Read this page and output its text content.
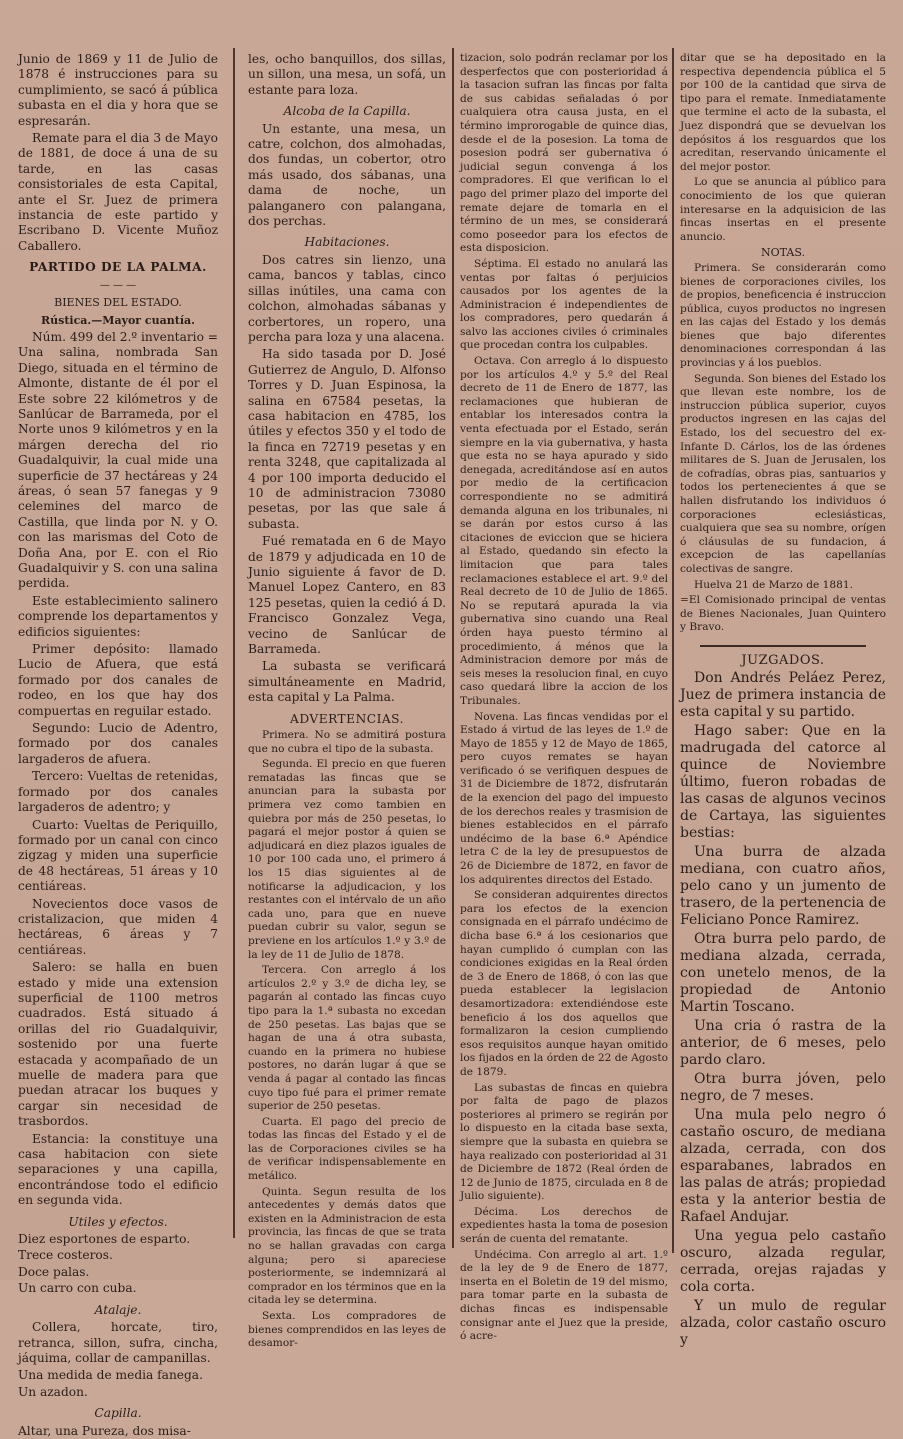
Junio de 1869 y 11 de Julio de 1878 é instrucciones para su cumplimiento, se sacó á pública subasta en el dia y hora que se espresarán.

Remate para el dia 3 de Mayo de 1881, de doce á una de su tarde, en las casas consistoriales de esta Capital, ante el Sr. Juez de primera instancia de este partido y Escribano D. Vicente Muñoz Caballero.

PARTIDO DE LA PALMA.

— — —

BIENES DEL ESTADO.

Rústica.—Mayor cuantía.

Núm. 499 del 2.º inventario = Una salina, nombrada San Diego, situada en el término de Almonte, distante de él por el Este sobre 22 kilómetros y de Sanlúcar de Barrameda, por el Norte unos 9 kilómetros y en la márgen derecha del rio Guadalquivir, la cual mide una superficie de 37 hectáreas y 24 áreas, ó sean 57 fanegas y 9 celemines del marco de Castilla, que linda por N. y O. con las marismas del Coto de Doña Ana, por E. con el Rio Guadalquivir y S. con una salina perdida.

Este establecimiento salinero comprende los departamentos y edificios siguientes:

Primer depósito: llamado Lucio de Afuera, que está formado por dos canales de rodeo, en los que hay dos compuertas en reguilar estado.

Segundo: Lucio de Adentro, formado por dos canales largaderos de afuera.

Tercero: Vueltas de retenidas, formado por dos canales largaderos de adentro; y

Cuarto: Vueltas de Periquillo, formado por un canal con cinco zigzag y miden una superficie de 48 hectáreas, 51 áreas y 10 centiáreas.

Novecientos doce vasos de cristalizacion, que miden 4 hectáreas, 6 áreas y 7 centiáreas.

Salero: se halla en buen estado y mide una extension superficial de 1100 metros cuadrados. Está situado á orillas del rio Guadalquivir, sostenido por una fuerte estacada y acompañado de un muelle de madera para que puedan atracar los buques y cargar sin necesidad de trasbordos.

Estancia: la constituye una casa habitacion con siete separaciones y una capilla, encontrándose todo el edificio en segunda vida.

Utiles y efectos.

Diez esportones de esparto.

Trece costeros.

Doce palas.

Un carro con cuba.

Atalaje.

Collera, horcate, tiro, retranca, sillon, sufra, cincha, jáquima, collar de campanillas.

Una medida de media fanega.

Un azadon.

Capilla.

Altar, una Pureza, dos misa-

les, ocho banquillos, dos sillas, un sillon, una mesa, un sofá, un estante para loza.

Alcoba de la Capilla.

Un estante, una mesa, un catre, colchon, dos almohadas, dos fundas, un cobertor, otro más usado, dos sábanas, una dama de noche, un palanganero con palangana, dos perchas.

Habitaciones.

Dos catres sin lienzo, una cama, bancos y tablas, cinco sillas inútiles, una cama con colchon, almohadas sábanas y corbertores, un ropero, una percha para loza y una alacena.

Ha sido tasada por D. José Gutierrez de Angulo, D. Alfonso Torres y D. Juan Espinosa, la salina en 67584 pesetas, la casa habitacion en 4785, los útiles y efectos 350 y el todo de la finca en 72719 pesetas y en renta 3248, que capitalizada al 4 por 100 importa deducido el 10 de administracion 73080 pesetas, por las que sale á subasta.

Fué rematada en 6 de Mayo de 1879 y adjudicada en 10 de Junio siguiente á favor de D. Manuel Lopez Cantero, en 83 125 pesetas, quien la cedió á D. Francisco Gonzalez Vega, vecino de Sanlúcar de Barrameda.

La subasta se verificará simultáneamente en Madrid, esta capital y La Palma.

ADVERTENCIAS.

Primera. No se admitirá postura que no cubra el tipo de la subasta.

Segunda. El precio en que fueren rematadas las fincas que se anuncian para la subasta por primera vez como tambien en quiebra por más de 250 pesetas, lo pagará el mejor postor á quien se adjudicará en diez plazos iguales de 10 por 100 cada uno, el primero á los 15 dias siguientes al de notificarse la adjudicacion, y los restantes con el intérvalo de un año cada uno, para que en nueve puedan cubrir su valor, segun se previene en los artículos 1.º y 3.º de la ley de 11 de Julio de 1878.

Tercera. Con arreglo á los artículos 2.º y 3.º de dicha ley, se pagarán al contado las fincas cuyo tipo para la 1.ª subasta no excedan de 250 pesetas. Las bajas que se hagan de una á otra subasta, cuando en la primera no hubiese postores, no darán lugar á que se venda á pagar al contado las fincas cuyo tipo fué para el primer remate superior de 250 pesetas.

Cuarta. El pago del precio de todas las fincas del Estado y el de las de Corporaciones civiles se ha de verificar indispensablemente en metálico.

Quinta. Segun resulta de los antecedentes y demás datos que existen en la Administracion de esta provincia, las fincas de que se trata no se hallan gravadas con carga alguna; pero si apareciese posteriormente, se indemnizará al comprador en los términos que en la citada ley se determina.

Sexta. Los compradores de bienes comprendidos en las leyes de desamor-

tizacion, solo podrán reclamar por los desperfectos que con posterioridad á la tasacion sufran las fincas por falta de sus cabidas señaladas ó por cualquiera otra causa justa, en el término improrogable de quince dias, desde el de la posesion. La toma de posesion podrá ser gubernativa ó judicial segun convenga á los compradores. El que verifican lo el pago del primer plazo del importe del remate dejare de tomarla en el término de un mes, se considerará como poseedor para los efectos de esta disposicion.

Séptima. El estado no anulará las ventas por faltas ó perjuicios causados por los agentes de la Administracion é independientes de los compradores, pero quedarán á salvo las acciones civiles ó criminales que procedan contra los culpables.

Octava. Con arreglo á lo dispuesto por los artículos 4.º y 5.º del Real decreto de 11 de Enero de 1877, las reclamaciones que hubieran de entablar los interesados contra la venta efectuada por el Estado, serán siempre en la via gubernativa, y hasta que esta no se haya apurado y sido denegada, acreditándose así en autos por medio de la certificacion correspondiente no se admitirá demanda alguna en los tribunales, ni se darán por estos curso á las citaciones de eviccion que se hiciera al Estado, quedando sin efecto la limitacion que para tales reclamaciones establece el art. 9.º del Real decreto de 10 de Julio de 1865. No se reputará apurada la via gubernativa sino cuando una Real órden haya puesto término al procedimiento, á ménos que la Administracion demore por más de seis meses la resolucion final, en cuyo caso quedará libre la accion de los Tribunales.

Novena. Las fincas vendidas por el Estado á virtud de las leyes de 1.º de Mayo de 1855 y 12 de Mayo de 1865, pero cuyos remates se hayan verificado ó se verifiquen despues de 31 de Diciembre de 1872, disfrutarán de la exencion del pago del impuesto de los derechos reales y trasmision de bienes establecidos en el párrafo undécimo de la base 6.ª Apéndice letra C de la ley de presupuestos de 26 de Diciembre de 1872, en favor de los adquirentes directos del Estado.

Se consideran adquirentes directos para los efectos de la exencion consignada en el párrafo undécimo de dicha base 6.ª á los cesionarios que hayan cumplido ó cumplan con las condiciones exigidas en la Real órden de 3 de Enero de 1868, ó con las que pueda establecer la legislacion desamortizadora: extendiéndose este beneficio á los dos aquellos que formalizaron la cesion cumpliendo esos requisitos aunque hayan omitido los fijados en la órden de 22 de Agosto de 1879.

Las subastas de fincas en quiebra por falta de pago de plazos posteriores al primero se regirán por lo dispuesto en la citada base sexta, siempre que la subasta en quiebra se haya realizado con posterioridad al 31 de Diciembre de 1872 (Real órden de 12 de Junio de 1875, circulada en 8 de Julio siguiente).

Décima. Los derechos de expedientes hasta la toma de posesion serán de cuenta del rematante.

Undécima. Con arreglo al art. 1.º de la ley de 9 de Enero de 1877, inserta en el Boletin de 19 del mismo, para tomar parte en la subasta de dichas fincas es indispensable consignar ante el Juez que la preside, ó acre-

ditar que se ha depositado en la respectiva dependencia pública el 5 por 100 de la cantidad que sirva de tipo para el remate. Inmediatamente que termine el acto de la subasta, el Juez dispondrá que se devuelvan los depósitos á los resguardos que los acreditan, reservando únicamente el del mejor postor.

Lo que se anuncia al público para conocimiento de los que quieran interesarse en la adquisicion de las fincas insertas en el presente anuncio.

NOTAS.

Primera. Se considerarán como bienes de corporaciones civiles, los de propios, beneficencia é instruccion pública, cuyos productos no ingresen en las cajas del Estado y los demás bienes que bajo diferentes denominaciones correspondan á las provincias y á los pueblos.

Segunda. Son bienes del Estado los que llevan este nombre, los de instruccion pública superior, cuyos productos ingresen en las cajas del Estado, los del secuestro del ex-Infante D. Cárlos, los de las órdenes militares de S. Juan de Jerusalen, los de cofradías, obras pias, santuarios y todos los pertenecientes á que se hallen disfrutando los individuos ó corporaciones eclesiásticas, cualquiera que sea su nombre, orígen ó cláusulas de su fundacion, á excepcion de las capellanías colectivas de sangre.

Huelva 21 de Marzo de 1881.

=El Comisionado principal de ventas de Bienes Nacionales, Juan Quintero y Bravo.

JUZGADOS.

Don Andrés Peláez Perez, Juez de primera instancia de esta capital y su partido.

Hago saber: Que en la madrugada del catorce al quince de Noviembre último, fueron robadas de las casas de algunos vecinos de Cartaya, las siguientes bestias:

Una burra de alzada mediana, con cuatro años, pelo cano y un jumento de trasero, de la pertenencia de Feliciano Ponce Ramirez.

Otra burra pelo pardo, de mediana alzada, cerrada, con unetelo menos, de la propiedad de Antonio Martin Toscano.

Una cria ó rastra de la anterior, de 6 meses, pelo pardo claro.

Otra burra jóven, pelo negro, de 7 meses.

Una mula pelo negro ó castaño oscuro, de mediana alzada, cerrada, con dos esparabanes, labrados en las palas de atrás; propiedad esta y la anterior bestia de Rafael Andujar.

Una yegua pelo castaño oscuro, alzada regular, cerrada, orejas rajadas y cola corta.

Y un mulo de regular alzada, color castaño oscuro y
